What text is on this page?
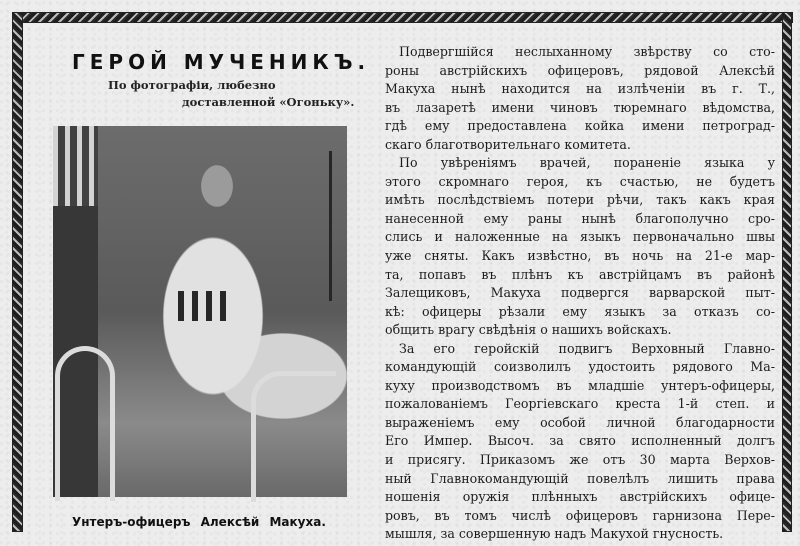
ГЕРОЙ МУЧЕНИКЪ.
По фотографіи, любезно
доставленной «Огоньку».
Унтеръ-офицеръ Алексѣй Макуха.
Подвергшійся неслыханному звѣрству со сто-
роны австрійскихъ офицеровъ, рядовой Алексѣй
Макуха нынѣ находится на излѣченіи въ г. Т.,
въ лазаретѣ имени чиновъ тюремнаго вѣдомства,
гдѣ ему предоставлена койка имени петроград-
скаго благотворительнаго комитета.
По увѣреніямъ врачей, пораненіе языка у
этого скромнаго героя, къ счастью, не будетъ
имѣть послѣдствіемъ потери рѣчи, такъ какъ края
нанесенной ему раны нынѣ благополучно сро-
слись и наложенные на языкъ первоначально швы
уже сняты. Какъ извѣстно, въ ночь на 21-е мар-
та, попавъ въ плѣнъ къ австрійцамъ въ районѣ
Залещиковъ, Макуха подвергся варварской пыт-
кѣ: офицеры рѣзали ему языкъ за отказъ со-
общить врагу свѣдѣнія о нашихъ войскахъ.
За его геройскій подвигъ Верховный Главно-
командующій соизволилъ удостоить рядового Ма-
куху производствомъ въ младшіе унтеръ-офицеры,
пожалованіемъ Георгіевскаго креста 1-й степ. и
выраженіемъ ему особой личной благодарности
Его Импер. Высоч. за свято исполненный долгъ
и присягу. Приказомъ же отъ 30 марта Верхов-
ный Главнокомандующій повелѣлъ лишить права
ношенія оружія плѣнныхъ австрійскихъ офице-
ровъ, въ томъ числѣ офицеровъ гарнизона Пере-
мышля, за совершенную надъ Макухой гнусность.
